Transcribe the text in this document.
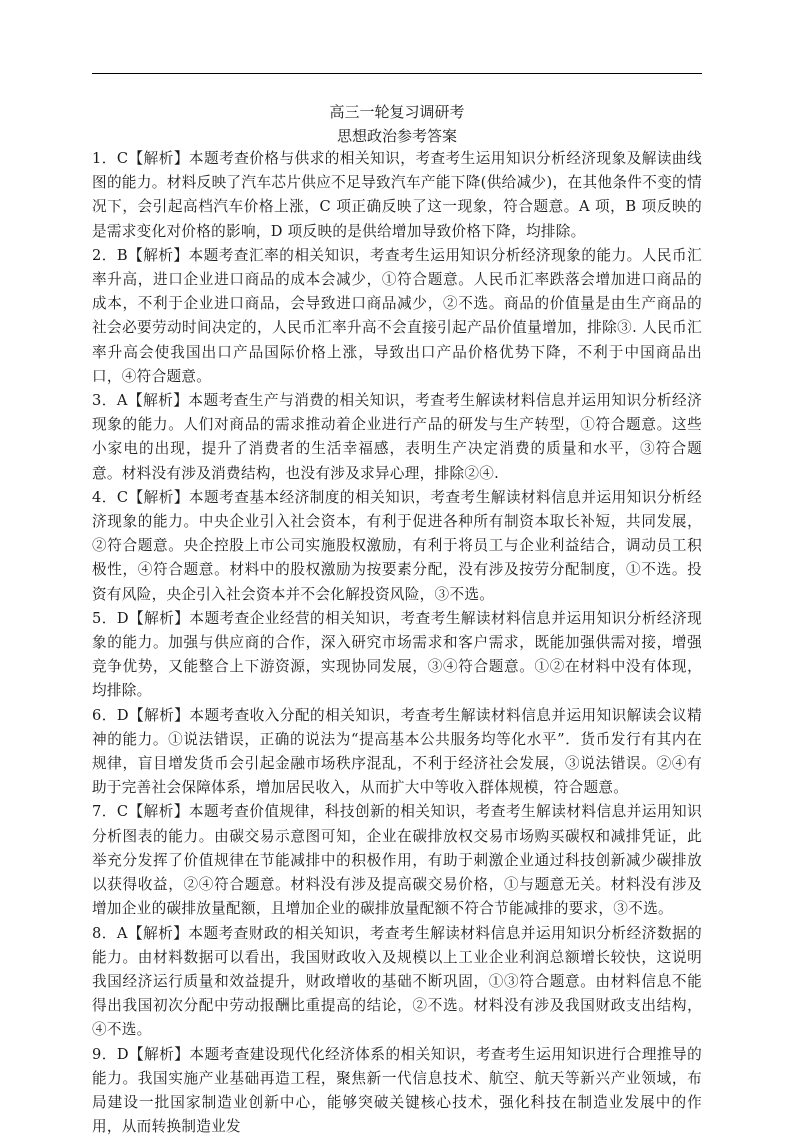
高三一轮复习调研考
思想政治参考答案

1．C【解析】本题考查价格与供求的相关知识，考查考生运用知识分析经济现象及解读曲线图的能力。材料反映了汽车芯片供应不足导致汽车产能下降(供给减少)，在其他条件不变的情况下，会引起高档汽车价格上涨，C 项正确反映了这一现象，符合题意。A 项，B 项反映的是需求变化对价格的影响，D 项反映的是供给增加导致价格下降，均排除。

2．B【解析】本题考查汇率的相关知识，考查考生运用知识分析经济现象的能力。人民币汇率升高，进口企业进口商品的成本会减少，①符合题意。人民币汇率跌落会增加进口商品的成本，不利于企业进口商品，会导致进口商品减少，②不选。商品的价值量是由生产商品的社会必要劳动时间决定的，人民币汇率升高不会直接引起产品价值量增加，排除③. 人民币汇率升高会使我国出口产品国际价格上涨，导致出口产品价格优势下降，不利于中国商品出口，④符合题意。

3．A【解析】本题考查生产与消费的相关知识，考查考生解读材料信息并运用知识分析经济现象的能力。人们对商品的需求推动着企业进行产品的研发与生产转型，①符合题意。这些小家电的出现，提升了消费者的生活幸福感，表明生产决定消费的质量和水平，③符合题意。材料没有涉及消费结构，也没有涉及求异心理，排除②④.

4．C【解析】本题考查基本经济制度的相关知识，考查考生解读材料信息并运用知识分析经济现象的能力。中央企业引入社会资本，有利于促进各种所有制资本取长补短，共同发展，②符合题意。央企控股上市公司实施股权激励，有利于将员工与企业利益结合，调动员工积极性，④符合题意。材料中的股权激励为按要素分配，没有涉及按劳分配制度，①不选。投资有风险，央企引入社会资本并不会化解投资风险，③不选。

5．D【解析】本题考查企业经营的相关知识，考查考生解读材料信息并运用知识分析经济现象的能力。加强与供应商的合作，深入研究市场需求和客户需求，既能加强供需对接，增强竞争优势，又能整合上下游资源，实现协同发展，③④符合题意。①②在材料中没有体现，均排除。

6．D【解析】本题考查收入分配的相关知识，考查考生解读材料信息并运用知识解读会议精神的能力。①说法错误，正确的说法为“提高基本公共服务均等化水平”．货币发行有其内在规律，盲目增发货币会引起金融市场秩序混乱，不利于经济社会发展，③说法错误。②④有助于完善社会保障体系，增加居民收入，从而扩大中等收入群体规模，符合题意。

7．C【解析】本题考查价值规律，科技创新的相关知识，考查考生解读材料信息并运用知识分析图表的能力。由碳交易示意图可知，企业在碳排放权交易市场购买碳权和减排凭证，此举充分发挥了价值规律在节能减排中的积极作用，有助于刺激企业通过科技创新减少碳排放以获得收益，②④符合题意。材料没有涉及提高碳交易价格，①与题意无关。材料没有涉及增加企业的碳排放量配额，且增加企业的碳排放量配额不符合节能减排的要求，③不选。

8．A【解析】本题考查财政的相关知识，考查考生解读材料信息并运用知识分析经济数据的能力。由材料数据可以看出，我国财政收入及规模以上工业企业利润总额增长较快，这说明我国经济运行质量和效益提升，财政增收的基础不断巩固，①③符合题意。由材料信息不能得出我国初次分配中劳动报酬比重提高的结论，②不选。材料没有涉及我国财政支出结构，④不选。

9．D【解析】本题考查建设现代化经济体系的相关知识，考查考生运用知识进行合理推导的能力。我国实施产业基础再造工程，聚焦新一代信息技术、航空、航天等新兴产业领域，布局建设一批国家制造业创新中心，能够突破关键核心技术，强化科技在制造业发展中的作用，从而转换制造业发
